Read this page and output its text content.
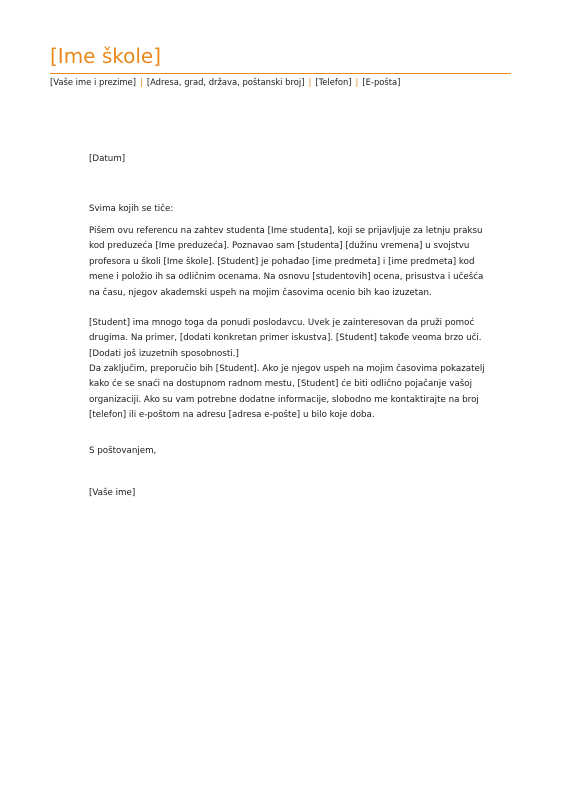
[Ime škole]
[Vaše ime i prezime] | [Adresa, grad, država, poštanski broj] | [Telefon] | [E-pošta]

[Datum]

Svima kojih se tiče:

Pišem ovu referencu na zahtev studenta [Ime studenta], koji se prijavljuje za letnju praksu kod preduzeća [Ime preduzeća]. Poznavao sam [studenta] [dužinu vremena] u svojstvu profesora u školi [Ime škole]. [Student] je pohađao [ime predmeta] i [ime predmeta] kod mene i položio ih sa odličnim ocenama. Na osnovu [studentovih] ocena, prisustva i učešća na času, njegov akademski uspeh na mojim časovima ocenio bih kao izuzetan.

[Student] ima mnogo toga da ponudi poslodavcu. Uvek je zainteresovan da pruži pomoć drugima. Na primer, [dodati konkretan primer iskustva]. [Student] takođe veoma brzo uči. [Dodati još izuzetnih sposobnosti.]

Da zaključim, preporučio bih [Student]. Ako je njegov uspeh na mojim časovima pokazatelj kako će se snaći na dostupnom radnom mestu, [Student] će biti odlično pojačanje vašoj organizaciji. Ako su vam potrebne dodatne informacije, slobodno me kontaktirajte na broj [telefon] ili e-poštom na adresu [adresa e-pošte] u bilo koje doba.

S poštovanjem,

[Vaše ime]
